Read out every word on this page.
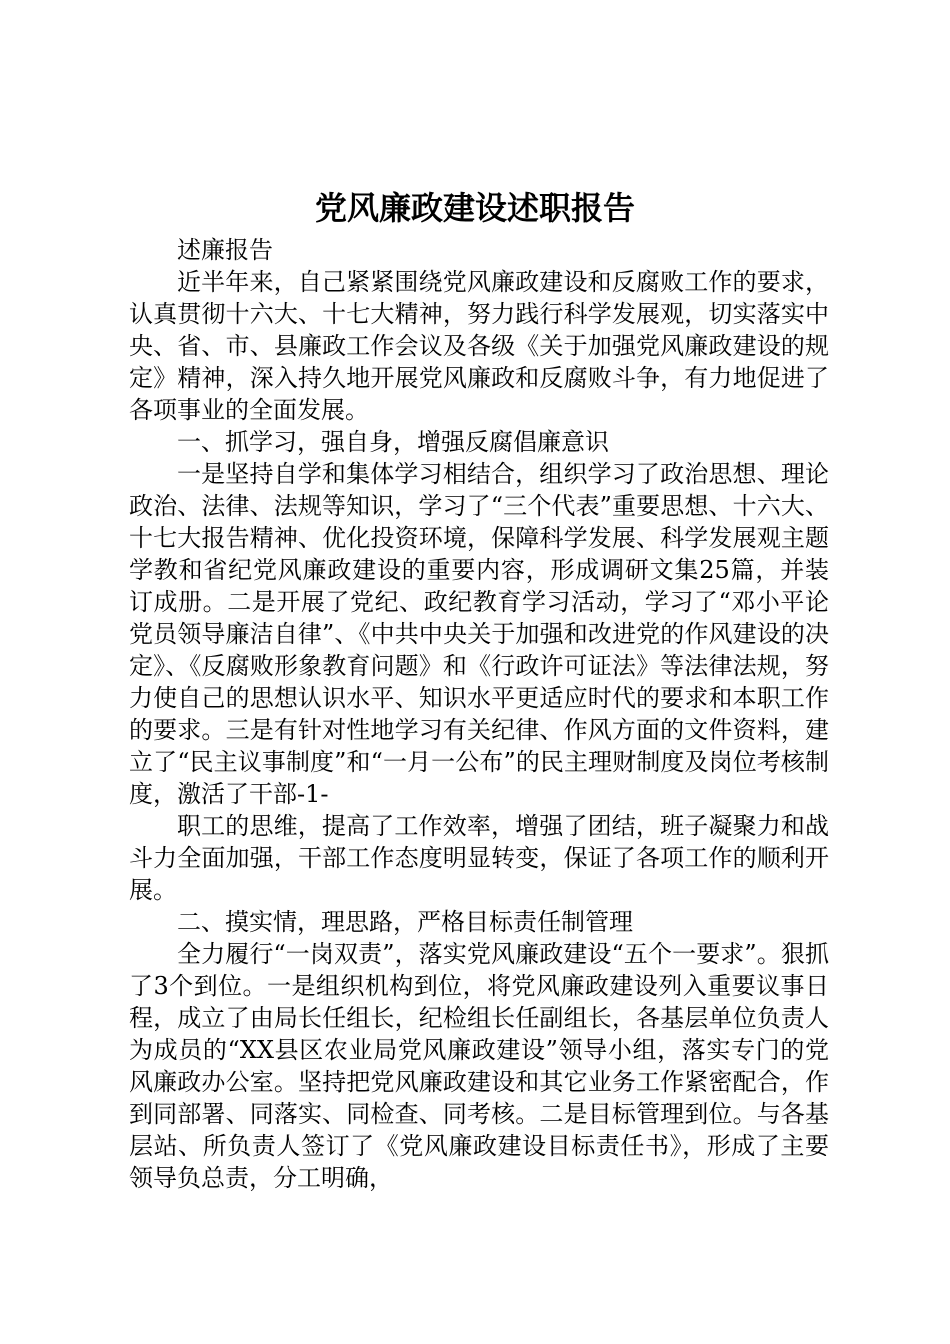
党风廉政建设述职报告

述廉报告

近半年来，自己紧紧围绕党风廉政建设和反腐败工作的要求，认真贯彻十六大、十七大精神，努力践行科学发展观，切实落实中央、省、市、县廉政工作会议及各级《关于加强党风廉政建设的规定》精神，深入持久地开展党风廉政和反腐败斗争，有力地促进了各项事业的全面发展。

一、抓学习，强自身，增强反腐倡廉意识

一是坚持自学和集体学习相结合，组织学习了政治思想、理论政治、法律、法规等知识，学习了“三个代表”重要思想、十六大、十七大报告精神、优化投资环境，保障科学发展、科学发展观主题学教和省纪党风廉政建设的重要内容，形成调研文集25篇，并装订成册。二是开展了党纪、政纪教育学习活动，学习了“邓小平论党员领导廉洁自律”、《中共中央关于加强和改进党的作风建设的决定》、《反腐败形象教育问题》和《行政许可证法》等法律法规，努力使自己的思想认识水平、知识水平更适应时代的要求和本职工作的要求。三是有针对性地学习有关纪律、作风方面的文件资料，建立了“民主议事制度”和“一月一公布”的民主理财制度及岗位考核制度，激活了干部-1-

职工的思维，提高了工作效率，增强了团结，班子凝聚力和战斗力全面加强，干部工作态度明显转变，保证了各项工作的顺利开展。

二、摸实情，理思路，严格目标责任制管理

全力履行“一岗双责”，落实党风廉政建设“五个一要求”。狠抓了3个到位。一是组织机构到位，将党风廉政建设列入重要议事日程，成立了由局长任组长，纪检组长任副组长，各基层单位负责人为成员的“XX县区农业局党风廉政建设”领导小组，落实专门的党风廉政办公室。坚持把党风廉政建设和其它业务工作紧密配合，作到同部署、同落实、同检查、同考核。二是目标管理到位。与各基层站、所负责人签订了《党风廉政建设目标责任书》，形成了主要领导负总责，分工明确，
